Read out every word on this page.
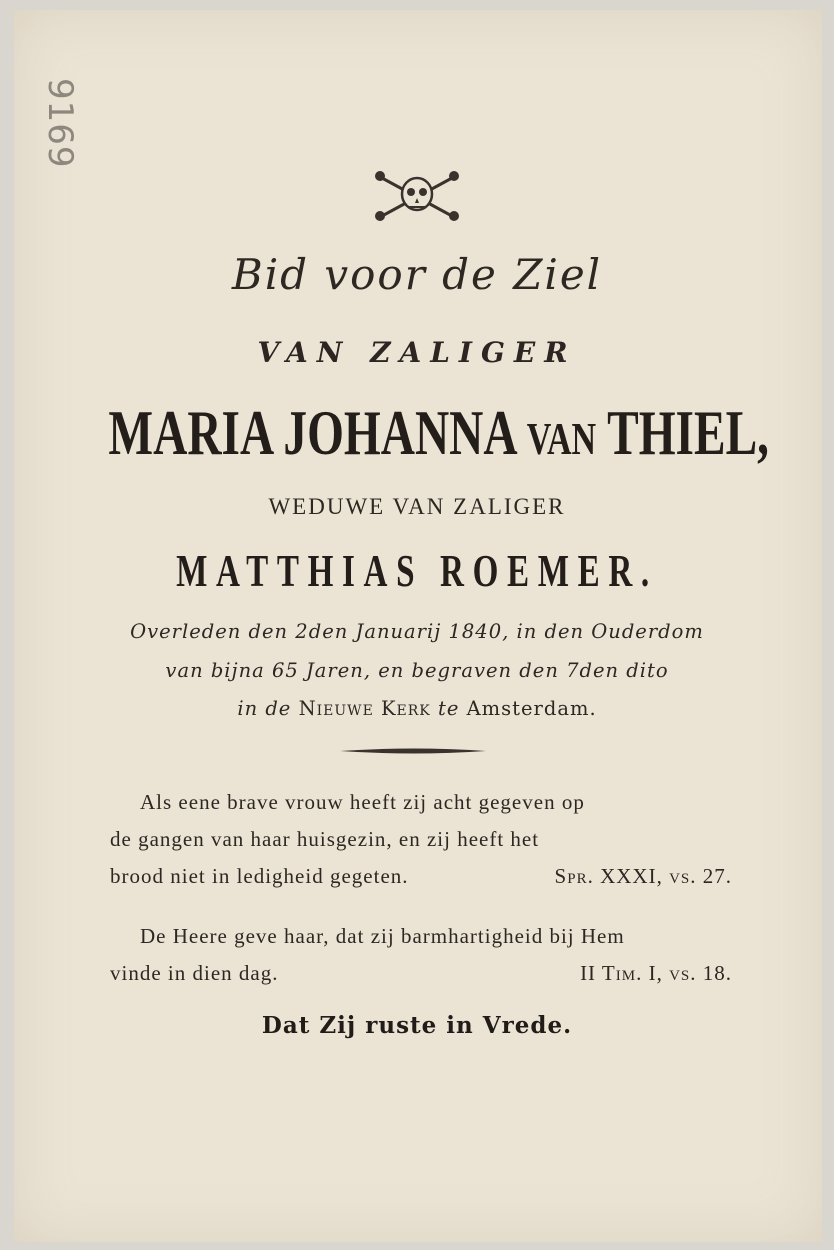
9169
Bid voor de Ziel
VAN ZALIGER
MARIA JOHANNA VAN THIEL,
WEDUWE VAN ZALIGER
MATTHIAS ROEMER.
Overleden den 2den Januarij 1840, in den Ouderdom
van bijna 65 Jaren, en begraven den 7den dito
in de Nieuwe Kerk te Amsterdam.
Als eene brave vrouw heeft zij acht gegeven op
de gangen van haar huisgezin, en zij heeft het
brood niet in ledigheid gegeten.	Spr. XXXI, vs. 27.
De Heere geve haar, dat zij barmhartigheid bij Hem
vinde in dien dag.	II Tim. I, vs. 18.
Dat Zij ruste in Vrede.
